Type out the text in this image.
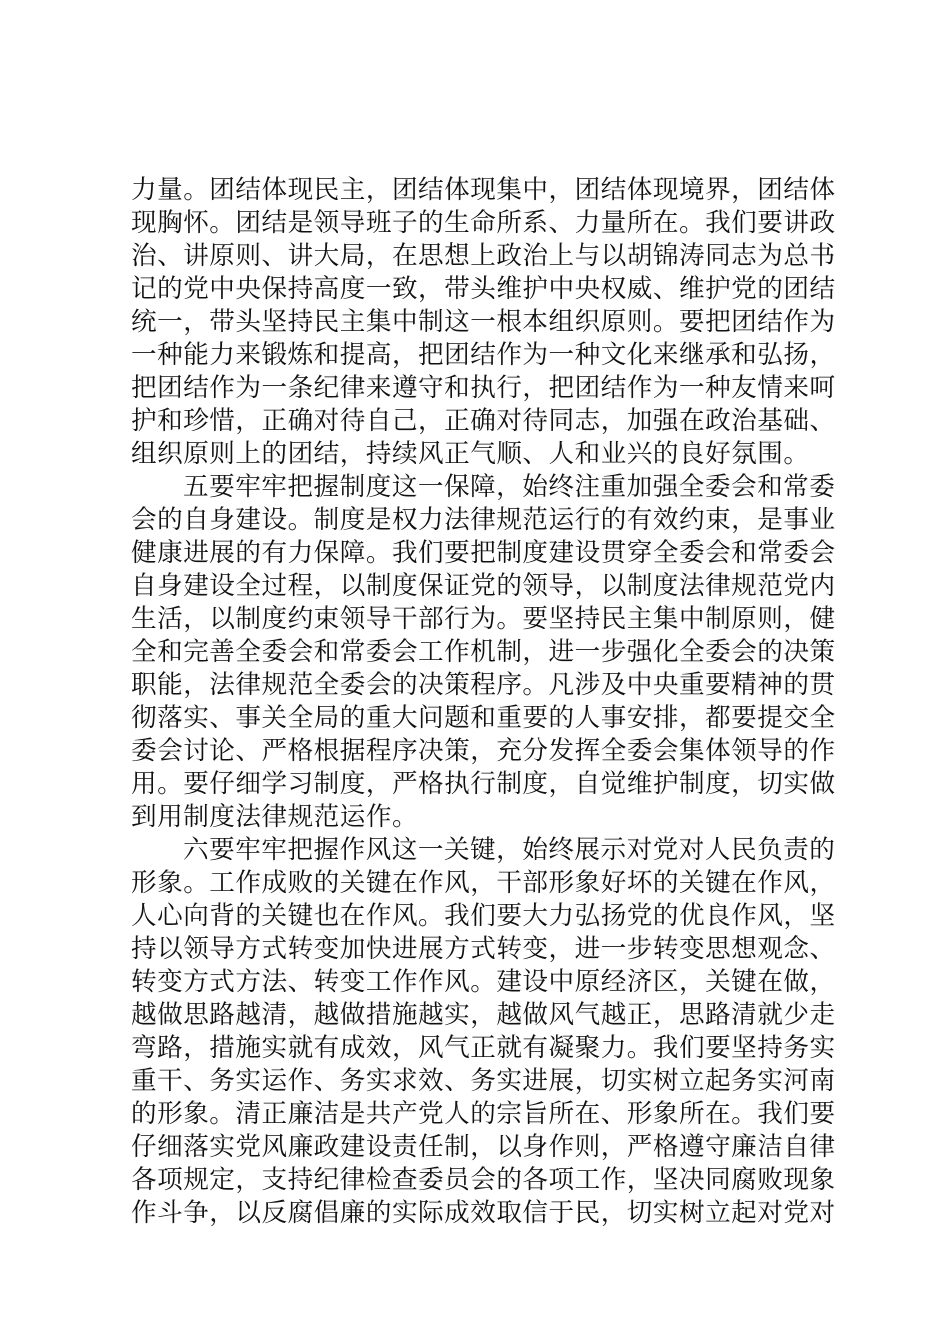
力量。团结体现民主，团结体现集中，团结体现境界，团结体
现胸怀。团结是领导班子的生命所系、力量所在。我们要讲政
治、讲原则、讲大局，在思想上政治上与以胡锦涛同志为总书
记的党中央保持高度一致，带头维护中央权威、维护党的团结
统一，带头坚持民主集中制这一根本组织原则。要把团结作为
一种能力来锻炼和提高，把团结作为一种文化来继承和弘扬，
把团结作为一条纪律来遵守和执行，把团结作为一种友情来呵
护和珍惜，正确对待自己，正确对待同志，加强在政治基础、
组织原则上的团结，持续风正气顺、人和业兴的良好氛围。
五要牢牢把握制度这一保障，始终注重加强全委会和常委
会的自身建设。制度是权力法律规范运行的有效约束，是事业
健康进展的有力保障。我们要把制度建设贯穿全委会和常委会
自身建设全过程，以制度保证党的领导，以制度法律规范党内
生活，以制度约束领导干部行为。要坚持民主集中制原则，健
全和完善全委会和常委会工作机制，进一步强化全委会的决策
职能，法律规范全委会的决策程序。凡涉及中央重要精神的贯
彻落实、事关全局的重大问题和重要的人事安排，都要提交全
委会讨论、严格根据程序决策，充分发挥全委会集体领导的作
用。要仔细学习制度，严格执行制度，自觉维护制度，切实做
到用制度法律规范运作。
六要牢牢把握作风这一关键，始终展示对党对人民负责的
形象。工作成败的关键在作风，干部形象好坏的关键在作风，
人心向背的关键也在作风。我们要大力弘扬党的优良作风，坚
持以领导方式转变加快进展方式转变，进一步转变思想观念、
转变方式方法、转变工作作风。建设中原经济区，关键在做，
越做思路越清，越做措施越实，越做风气越正，思路清就少走
弯路，措施实就有成效，风气正就有凝聚力。我们要坚持务实
重干、务实运作、务实求效、务实进展，切实树立起务实河南
的形象。清正廉洁是共产党人的宗旨所在、形象所在。我们要
仔细落实党风廉政建设责任制，以身作则，严格遵守廉洁自律
各项规定，支持纪律检查委员会的各项工作，坚决同腐败现象
作斗争，以反腐倡廉的实际成效取信于民，切实树立起对党对
